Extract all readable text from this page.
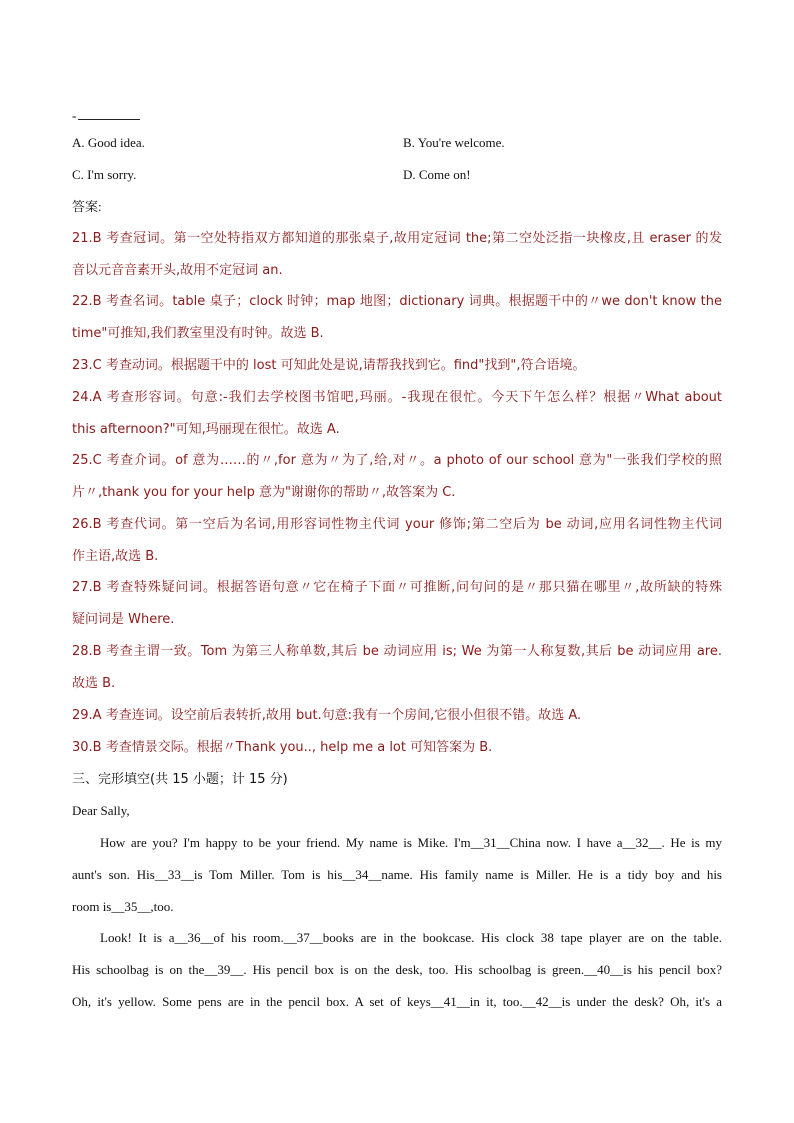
-
A. Good idea.	B. You're welcome.
C. I'm sorry.	D. Come on!
答案:
21.B 考查冠词。第一空处特指双方都知道的那张桌子,故用定冠词 the;第二空处泛指一块橡皮,且 eraser 的发
音以元音音素开头,故用不定冠词 an.
22.B 考查名词。table 桌子；clock 时钟；map 地图；dictionary 词典。根据题干中的〃we don't know the
time"可推知,我们教室里没有时钟。故选 B.
23.C 考查动词。根据题干中的 lost 可知此处是说,请帮我找到它。find"找到",符合语境。
24.A 考查形容词。句意:-我们去学校图书馆吧,玛丽。-我现在很忙。今天下午怎么样？根据〃What about
this afternoon?"可知,玛丽现在很忙。故选 A.
25.C 考查介词。of 意为……的〃,for 意为〃为了,给,对〃。a photo of our school 意为"一张我们学校的照
片〃,thank you for your help 意为"谢谢你的帮助〃,故答案为 C.
26.B 考查代词。第一空后为名词,用形容词性物主代词 your 修饰;第二空后为 be 动词,应用名词性物主代词
作主语,故选 B.
27.B 考查特殊疑问词。根据答语句意〃它在椅子下面〃可推断,问句问的是〃那只猫在哪里〃,故所缺的特殊
疑问词是 Where.
28.B 考查主谓一致。Tom 为第三人称单数,其后 be 动词应用 is; We 为第一人称复数,其后 be 动词应用 are.
故选 B.
29.A 考查连词。设空前后表转折,故用 but.句意:我有一个房间,它很小但很不错。故选 A.
30.B 考查情景交际。根据〃Thank you.., help me a lot 可知答案为 B.
三、完形填空(共 15 小题；计 15 分)
Dear Sally,
How are you? I'm happy to be your friend. My name is Mike. I'm__31__China now. I have a__32__. He is my
aunt's son. His__33__is Tom Miller. Tom is his__34__name. His family name is Miller. He is a tidy boy and his
room is__35__,too.
Look! It is a__36__of his room.__37__books are in the bookcase. His clock 38 tape player are on the table.
His schoolbag is on the__39__. His pencil box is on the desk, too. His schoolbag is green.__40__is his pencil box?
Oh, it's yellow. Some pens are in the pencil box. A set of keys__41__in it, too.__42__is under the desk? Oh, it's a
